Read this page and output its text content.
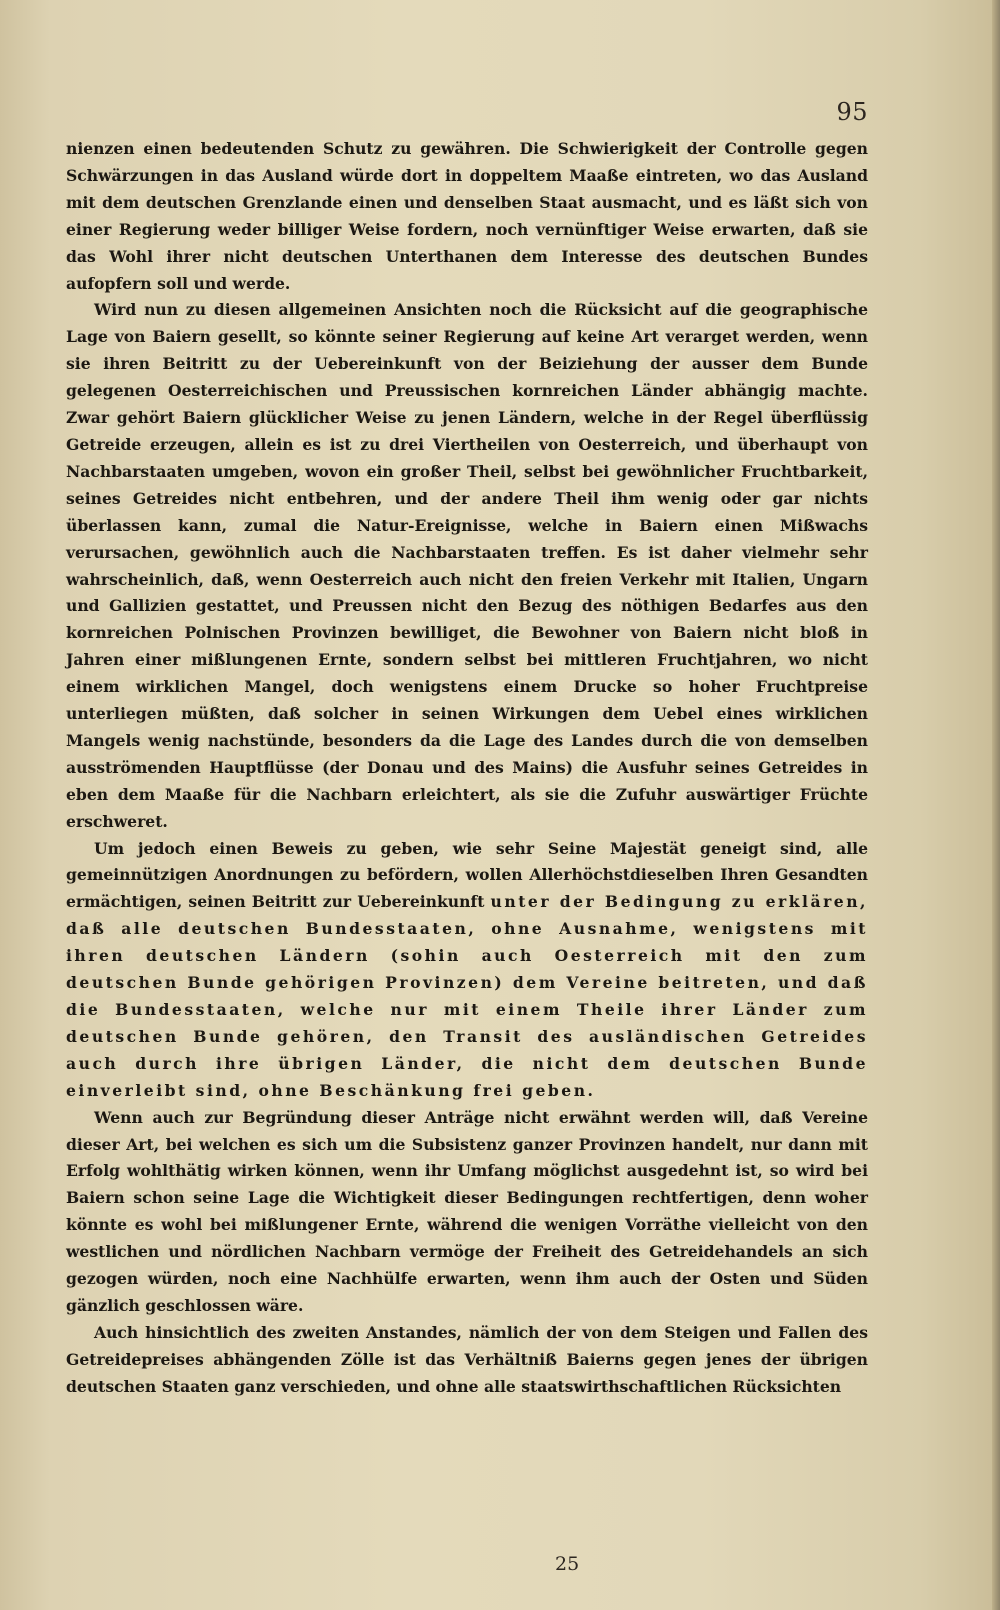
95

nienzen einen bedeutenden Schutz zu gewähren. Die Schwierigkeit der Controlle gegen Schwärzungen in das Ausland würde dort in doppeltem Maaße eintreten, wo das Ausland mit dem deutschen Grenzlande einen und denselben Staat ausmacht, und es läßt sich von einer Regierung weder billiger Weise fordern, noch vernünftiger Weise erwarten, daß sie das Wohl ihrer nicht deutschen Unterthanen dem Interesse des deutschen Bundes aufopfern soll und werde.

Wird nun zu diesen allgemeinen Ansichten noch die Rücksicht auf die geographische Lage von Baiern gesellt, so könnte seiner Regierung auf keine Art verarget werden, wenn sie ihren Beitritt zu der Uebereinkunft von der Beiziehung der ausser dem Bunde gelegenen Oesterreichischen und Preussischen kornreichen Länder abhängig machte. Zwar gehört Baiern glücklicher Weise zu jenen Ländern, welche in der Regel überflüssig Getreide erzeugen, allein es ist zu drei Viertheilen von Oesterreich, und überhaupt von Nachbarstaaten umgeben, wovon ein großer Theil, selbst bei gewöhnlicher Fruchtbarkeit, seines Getreides nicht entbehren, und der andere Theil ihm wenig oder gar nichts überlassen kann, zumal die Natur-Ereignisse, welche in Baiern einen Mißwachs verursachen, gewöhnlich auch die Nachbarstaaten treffen. Es ist daher vielmehr sehr wahrscheinlich, daß, wenn Oesterreich auch nicht den freien Verkehr mit Italien, Ungarn und Gallizien gestattet, und Preussen nicht den Bezug des nöthigen Bedarfes aus den kornreichen Polnischen Provinzen bewilliget, die Bewohner von Baiern nicht bloß in Jahren einer mißlungenen Ernte, sondern selbst bei mittleren Fruchtjahren, wo nicht einem wirklichen Mangel, doch wenigstens einem Drucke so hoher Fruchtpreise unterliegen müßten, daß solcher in seinen Wirkungen dem Uebel eines wirklichen Mangels wenig nachstünde, besonders da die Lage des Landes durch die von demselben ausströmenden Hauptflüsse (der Donau und des Mains) die Ausfuhr seines Getreides in eben dem Maaße für die Nachbarn erleichtert, als sie die Zufuhr auswärtiger Früchte erschweret.

Um jedoch einen Beweis zu geben, wie sehr Seine Majestät geneigt sind, alle gemeinnützigen Anordnungen zu befördern, wollen Allerhöchstdieselben Ihren Gesandten ermächtigen, seinen Beitritt zur Uebereinkunft unter der Bedingung zu erklären, daß alle deutschen Bundesstaaten, ohne Ausnahme, wenigstens mit ihren deutschen Ländern (sohin auch Oesterreich mit den zum deutschen Bunde gehörigen Provinzen) dem Vereine beitreten, und daß die Bundesstaaten, welche nur mit einem Theile ihrer Länder zum deutschen Bunde gehören, den Transit des ausländischen Getreides auch durch ihre übrigen Länder, die nicht dem deutschen Bunde einverleibt sind, ohne Beschänkung frei geben.

Wenn auch zur Begründung dieser Anträge nicht erwähnt werden will, daß Vereine dieser Art, bei welchen es sich um die Subsistenz ganzer Provinzen handelt, nur dann mit Erfolg wohlthätig wirken können, wenn ihr Umfang möglichst ausgedehnt ist, so wird bei Baiern schon seine Lage die Wichtigkeit dieser Bedingungen rechtfertigen, denn woher könnte es wohl bei mißlungener Ernte, während die wenigen Vorräthe vielleicht von den westlichen und nördlichen Nachbarn vermöge der Freiheit des Getreidehandels an sich gezogen würden, noch eine Nachhülfe erwarten, wenn ihm auch der Osten und Süden gänzlich geschlossen wäre.

Auch hinsichtlich des zweiten Anstandes, nämlich der von dem Steigen und Fallen des Getreidepreises abhängenden Zölle ist das Verhältniß Baierns gegen jenes der übrigen deutschen Staaten ganz verschieden, und ohne alle staatswirthschaftlichen Rücksichten

25
